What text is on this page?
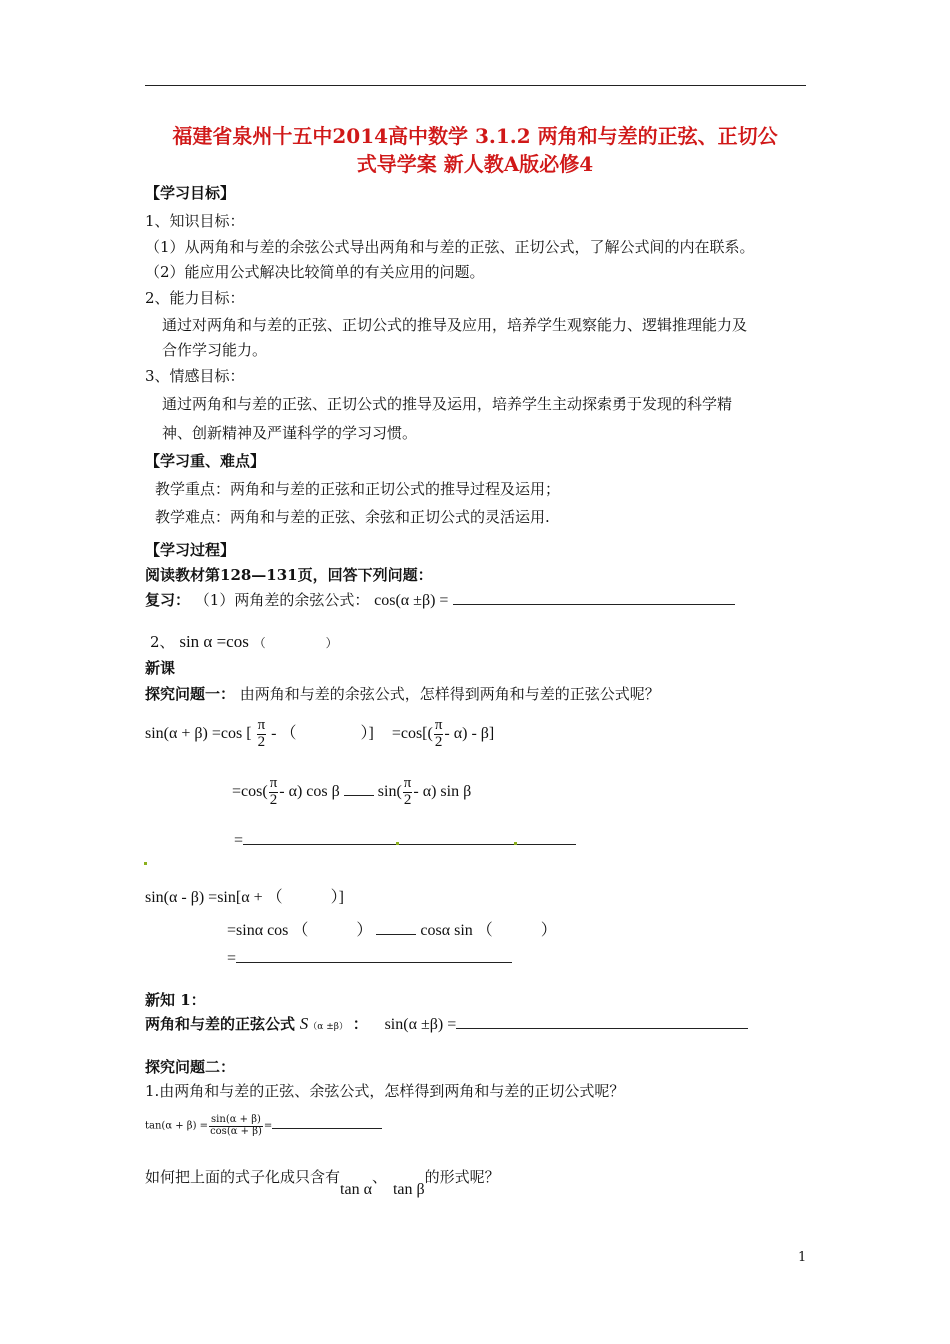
福建省泉州十五中2014高中数学 3.1.2 两角和与差的正弦、正切公
式导学案 新人教A版必修4
【学习目标】
1、知识目标：
（1）从两角和与差的余弦公式导出两角和与差的正弦、正切公式，了解公式间的内在联系。
（2）能应用公式解决比较简单的有关应用的问题。
2、能力目标：
通过对两角和与差的正弦、正切公式的推导及应用，培养学生观察能力、逻辑推理能力及
合作学习能力。
3、情感目标：
通过两角和与差的正弦、正切公式的推导及运用，培养学生主动探索勇于发现的科学精
神、创新精神及严谨科学的学习习惯。
【学习重、难点】
教学重点：两角和与差的正弦和正切公式的推导过程及运用；
教学难点：两角和与差的正弦、余弦和正切公式的灵活运用.
【学习过程】
阅读教材第128—131页，回答下列问题：
复习： （1）两角差的余弦公式： cos(α ±β) =
2、 sin α =cos （　　　　　）
新课
探究问题一： 由两角和与差的余弦公式，怎样得到两角和与差的正弦公式呢？
sin(α + β) =cos [ $\frac{\pi}{2}$ - （　　　　）] $=\cos[( \frac{\pi}{2} - \alpha) - \beta]$
$=\cos( \frac{\pi}{2} - \alpha)$ cos β $\sin( \frac{\pi}{2} - \alpha)$ sin β
=
sin(α - β) =sin[α + （　　　）]
=sinα cos （　　　）	cosα sin （　　　）
=
新知 1：
两角和与差的正弦公式 S（α ±β） ： sin(α ±β) =
探究问题二：
1.由两角和与差的正弦、余弦公式，怎样得到两角和与差的正切公式呢？
$\tan(\alpha + \beta) = \frac{\sin(\alpha + \beta)}{\cos(\alpha + \beta)}$ =
如何把上面的式子化成只含有tan α、tan β的形式呢？
1
